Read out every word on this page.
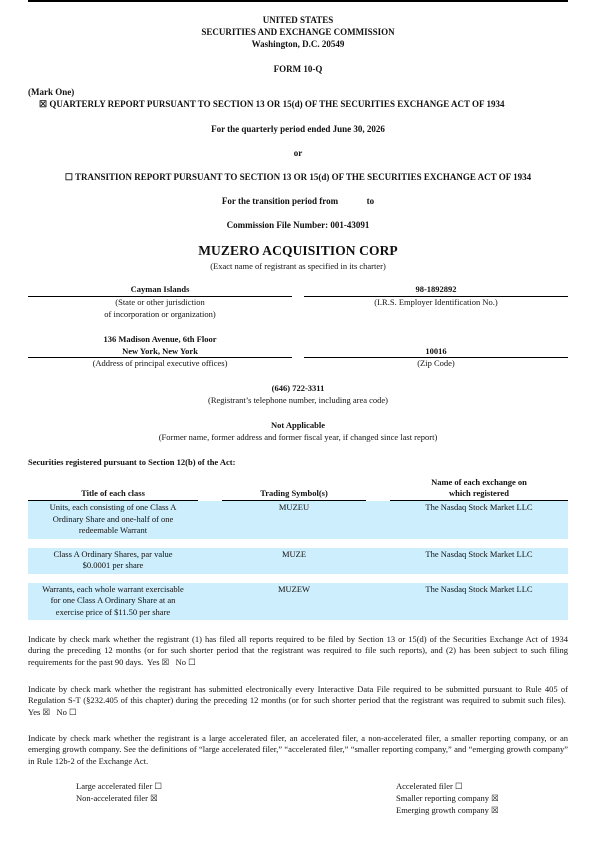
UNITED STATES
SECURITIES AND EXCHANGE COMMISSION
Washington, D.C. 20549
FORM 10-Q
(Mark One)
☒ QUARTERLY REPORT PURSUANT TO SECTION 13 OR 15(d) OF THE SECURITIES EXCHANGE ACT OF 1934
For the quarterly period ended June 30, 2026
or
☐ TRANSITION REPORT PURSUANT TO SECTION 13 OR 15(d) OF THE SECURITIES EXCHANGE ACT OF 1934
For the transition period from	to
Commission File Number: 001-43091
MUZERO ACQUISITION CORP
(Exact name of registrant as specified in its charter)
Cayman Islands
(State or other jurisdiction
of incorporation or organization)
98-1892892
(I.R.S. Employer Identification No.)
136 Madison Avenue, 6th Floor
New York, New York
(Address of principal executive offices)
10016
(Zip Code)
(646) 722-3311
(Registrant’s telephone number, including area code)
Not Applicable
(Former name, former address and former fiscal year, if changed since last report)
Securities registered pursuant to Section 12(b) of the Act:
Title of each class		Trading Symbol(s)		Name of each exchange on
which registered

Units, each consisting of one Class A
Ordinary Share and one-half of one
redeemable Warrant		MUZEU		The Nasdaq Stock Market LLC

Class A Ordinary Shares, par value
$0.0001 per share		MUZE		The Nasdaq Stock Market LLC

Warrants, each whole warrant exercisable
for one Class A Ordinary Share at an
exercise price of $11.50 per share		MUZEW		The Nasdaq Stock Market LLC
Indicate by check mark whether the registrant (1) has filed all reports required to be filed by Section 13 or 15(d) of the Securities Exchange Act of 1934 during the preceding 12 months (or for such shorter period that the registrant was required to file such reports), and (2) has been subject to such filing requirements for the past 90 days. Yes ☒ No ☐
Indicate by check mark whether the registrant has submitted electronically every Interactive Data File required to be submitted pursuant to Rule 405 of Regulation S-T (§232.405 of this chapter) during the preceding 12 months (or for such shorter period that the registrant was required to submit such files).  Yes ☒ No ☐
Indicate by check mark whether the registrant is a large accelerated filer, an accelerated filer, a non-accelerated filer, a smaller reporting company, or an emerging growth company. See the definitions of “large accelerated filer,” “accelerated filer,” “smaller reporting company,” and “emerging growth company” in Rule 12b-2 of the Exchange Act.
Large accelerated filer ☐
Non-accelerated filer ☒
Accelerated filer ☐
Smaller reporting company ☒
Emerging growth company ☒
